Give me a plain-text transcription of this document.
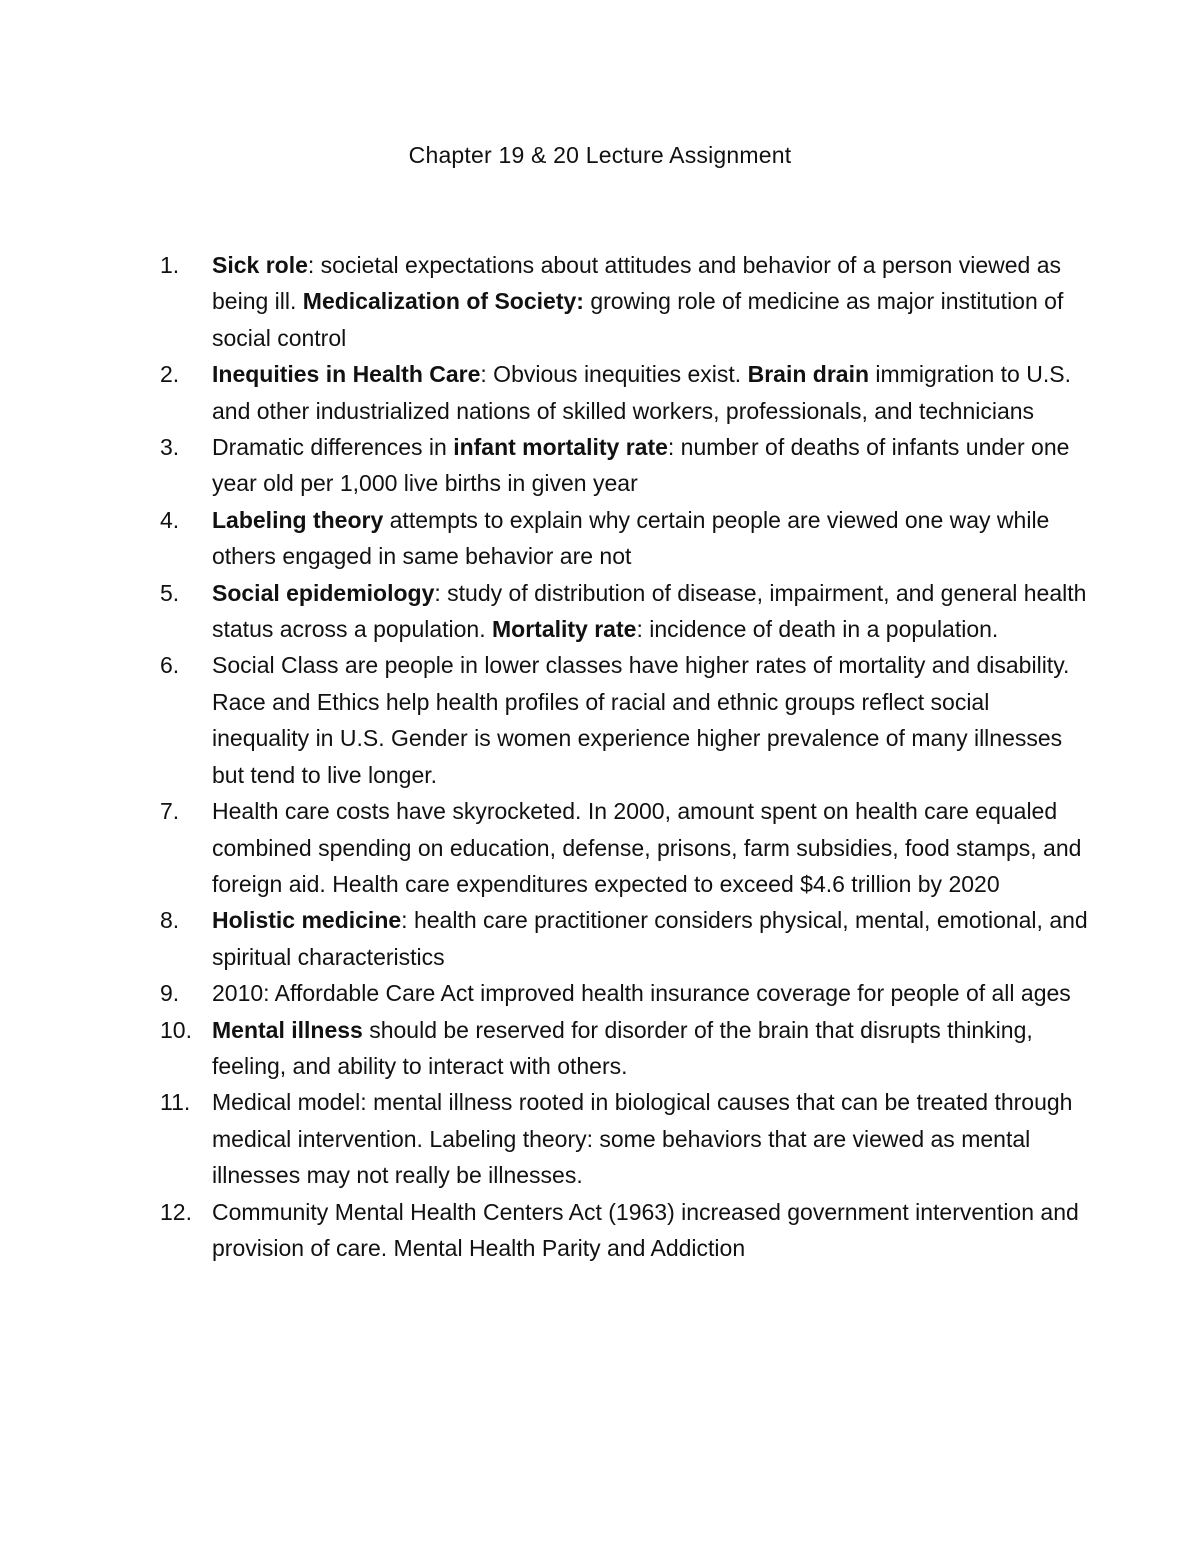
Chapter 19 & 20 Lecture Assignment
1.	Sick role: societal expectations about attitudes and behavior of a person viewed as being ill. Medicalization of Society: growing role of medicine as major institution of social control
2.	Inequities in Health Care: Obvious inequities exist. Brain drain immigration to U.S. and other industrialized nations of skilled workers, professionals, and technicians
3.	Dramatic differences in infant mortality rate: number of deaths of infants under one year old per 1,000 live births in given year
4.	Labeling theory attempts to explain why certain people are viewed one way while others engaged in same behavior are not
5.	Social epidemiology: study of distribution of disease, impairment, and general health status across a population. Mortality rate: incidence of death in a population.
6.	Social Class are people in lower classes have higher rates of mortality and disability. Race and Ethics help health profiles of racial and ethnic groups reflect social inequality in U.S. Gender is women experience higher prevalence of many illnesses but tend to live longer.
7.	Health care costs have skyrocketed. In 2000, amount spent on health care equaled combined spending on education, defense, prisons, farm subsidies, food stamps, and foreign aid. Health care expenditures expected to exceed $4.6 trillion by 2020
8.	Holistic medicine: health care practitioner considers physical, mental, emotional, and spiritual characteristics
9.	2010: Affordable Care Act improved health insurance coverage for people of all ages
10. Mental illness should be reserved for disorder of the brain that disrupts thinking, feeling, and ability to interact with others.
11. Medical model: mental illness rooted in biological causes that can be treated through medical intervention. Labeling theory: some behaviors that are viewed as mental illnesses may not really be illnesses.
12. Community Mental Health Centers Act (1963) increased government intervention and provision of care. Mental Health Parity and Addiction
